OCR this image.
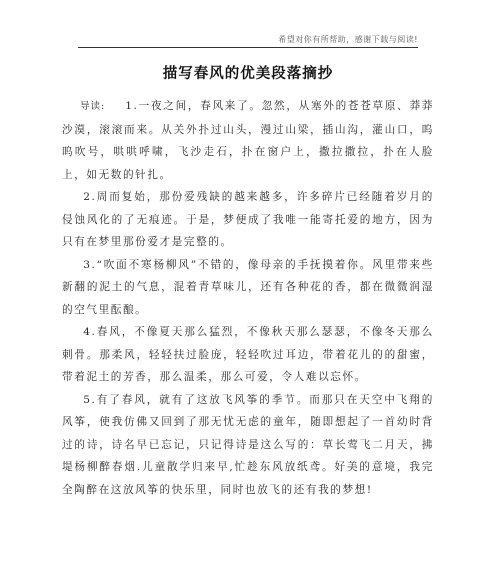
希望对你有所帮助，感谢下载与阅读!
描写春风的优美段落摘抄

导读: 1.一夜之间，春风来了。忽然，从塞外的苍苍草原、莽莽沙漠，滚滚而来。从关外扑过山头，漫过山梁，插山沟，灌山口，呜呜吹号，哄哄呼啸，飞沙走石，扑在窗户上，撒拉撒拉，扑在人脸上，如无数的针扎。

2.周而复始，那份爱残缺的越来越多，许多碎片已经随着岁月的侵蚀风化的了无痕迹。于是，梦便成了我唯一能寄托爱的地方，因为只有在梦里那份爱才是完整的。

3.“吹面不寒杨柳风”不错的，像母亲的手抚摸着你。风里带来些新翻的泥土的气息，混着青草味儿，还有各种花的香，都在微微润湿的空气里酝酿。

4.春风，不像夏天那么猛烈，不像秋天那么瑟瑟，不像冬天那么刺骨。那柔风，轻轻扶过脸庞，轻轻吹过耳边，带着花儿的的甜蜜，带着泥土的芳香，那么温柔，那么可爱，令人难以忘怀。

5.有了春风，就有了这放飞风筝的季节。而那只在天空中飞翔的风筝，使我仿佛又回到了那无忧无虑的童年，随即想起了一首幼时背过的诗，诗名早已忘记，只记得诗是这么写的：草长莺飞二月天，拂堤杨柳醉春烟.儿童散学归来早,忙趁东风放纸鸢。好美的意境，我完全陶醉在这放风筝的快乐里，同时也放飞的还有我的梦想!
